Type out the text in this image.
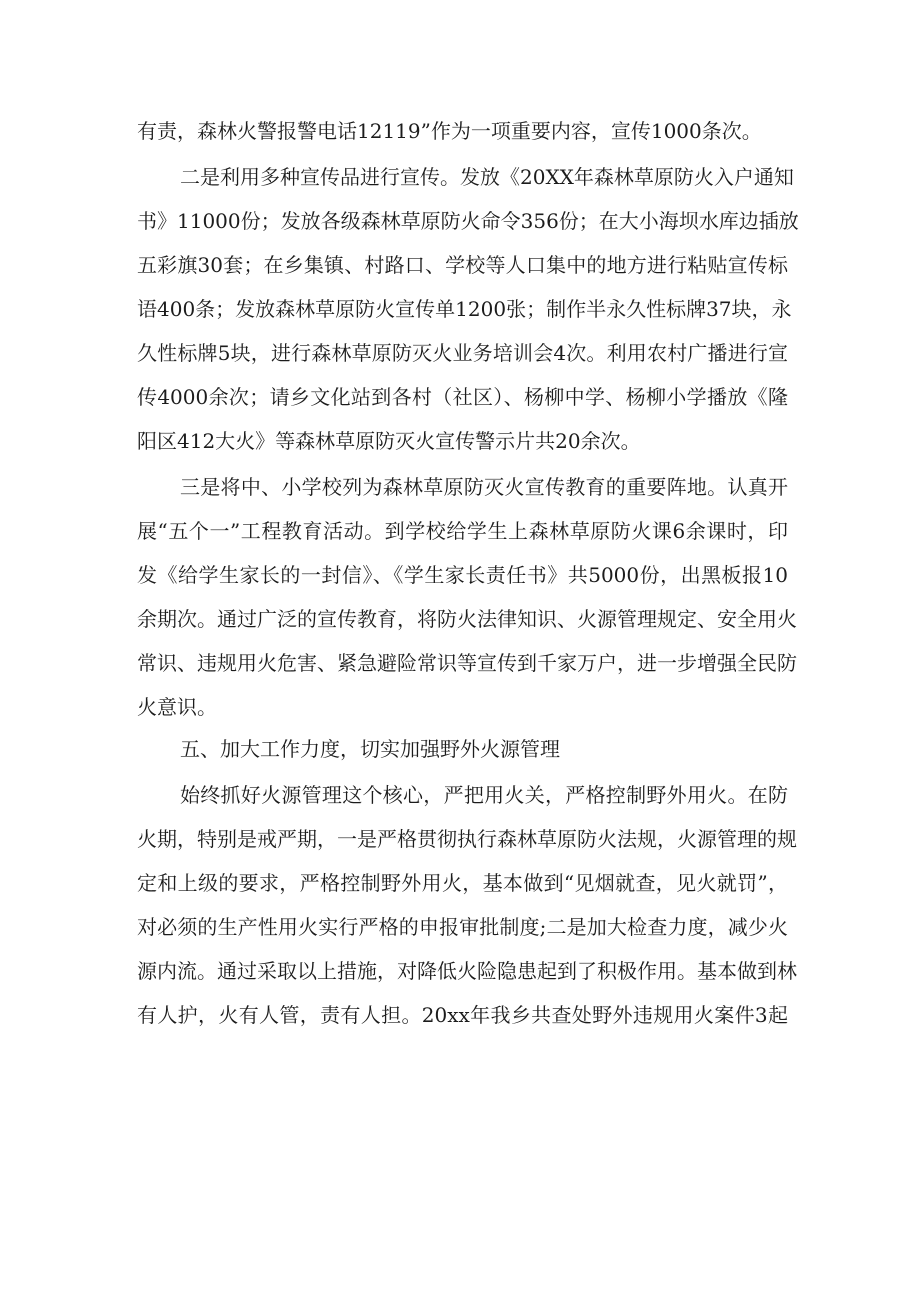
有责，森林火警报警电话12119”作为一项重要内容，宣传1000条次。
二是利用多种宣传品进行宣传。发放《20XX年森林草原防火入户通知
书》11000份；发放各级森林草原防火命令356份；在大小海坝水库边插放
五彩旗30套；在乡集镇、村路口、学校等人口集中的地方进行粘贴宣传标
语400条；发放森林草原防火宣传单1200张；制作半永久性标牌37块，永
久性标牌5块，进行森林草原防灭火业务培训会4次。利用农村广播进行宣
传4000余次；请乡文化站到各村（社区）、杨柳中学、杨柳小学播放《隆
阳区412大火》等森林草原防灭火宣传警示片共20余次。
三是将中、小学校列为森林草原防灭火宣传教育的重要阵地。认真开
展“五个一”工程教育活动。到学校给学生上森林草原防火课6余课时，印
发《给学生家长的一封信》、《学生家长责任书》共5000份，出黑板报10
余期次。通过广泛的宣传教育，将防火法律知识、火源管理规定、安全用火
常识、违规用火危害、紧急避险常识等宣传到千家万户，进一步增强全民防
火意识。
五、加大工作力度，切实加强野外火源管理
始终抓好火源管理这个核心，严把用火关，严格控制野外用火。在防
火期，特别是戒严期，一是严格贯彻执行森林草原防火法规，火源管理的规
定和上级的要求，严格控制野外用火，基本做到“见烟就查，见火就罚”，
对必须的生产性用火实行严格的申报审批制度;二是加大检查力度，减少火
源内流。通过采取以上措施，对降低火险隐患起到了积极作用。基本做到林
有人护，火有人管，责有人担。20xx年我乡共查处野外违规用火案件3起
